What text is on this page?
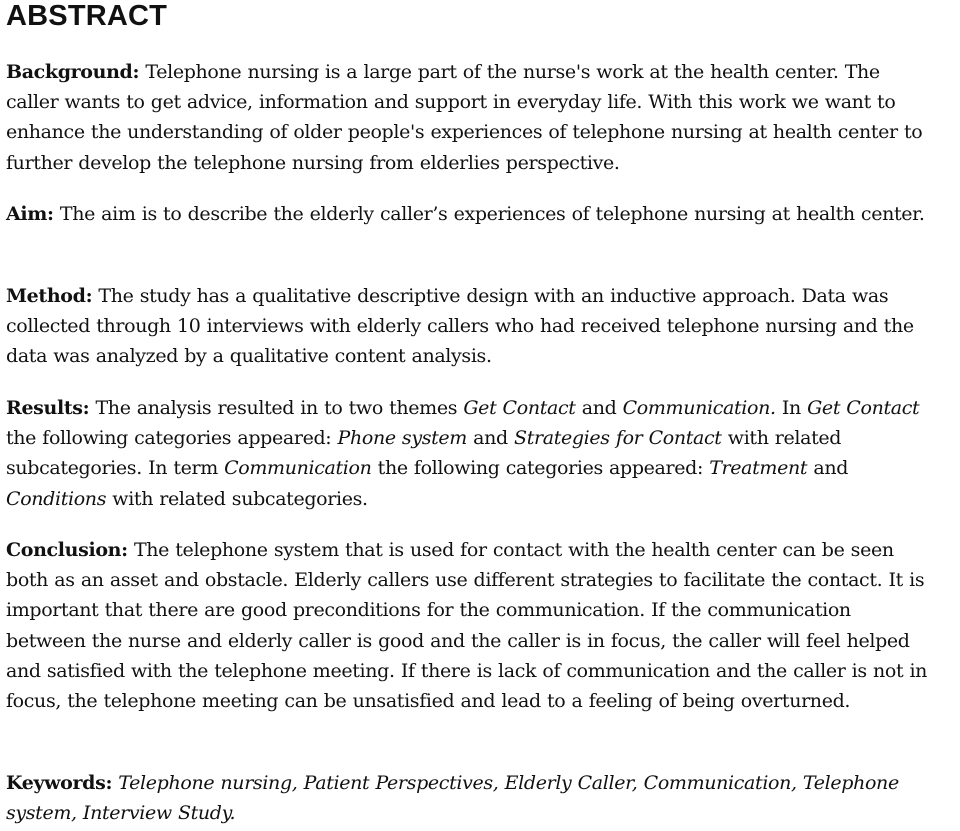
ABSTRACT

Background: Telephone nursing is a large part of the nurse's work at the health center. The caller wants to get advice, information and support in everyday life. With this work we want to enhance the understanding of older people's experiences of telephone nursing at health center to further develop the telephone nursing from elderlies perspective.

Aim: The aim is to describe the elderly caller’s experiences of telephone nursing at health center.

Method: The study has a qualitative descriptive design with an inductive approach. Data was collected through 10 interviews with elderly callers who had received telephone nursing and the data was analyzed by a qualitative content analysis.

Results: The analysis resulted in to two themes Get Contact and Communication. In Get Contact the following categories appeared: Phone system and Strategies for Contact with related subcategories. In term Communication the following categories appeared: Treatment and Conditions with related subcategories.

Conclusion: The telephone system that is used for contact with the health center can be seen both as an asset and obstacle. Elderly callers use different strategies to facilitate the contact. It is important that there are good preconditions for the communication. If the communication between the nurse and elderly caller is good and the caller is in focus, the caller will feel helped and satisfied with the telephone meeting. If there is lack of communication and the caller is not in focus, the telephone meeting can be unsatisfied and lead to a feeling of being overturned.

Keywords: Telephone nursing, Patient Perspectives, Elderly Caller, Communication, Telephone system, Interview Study.
